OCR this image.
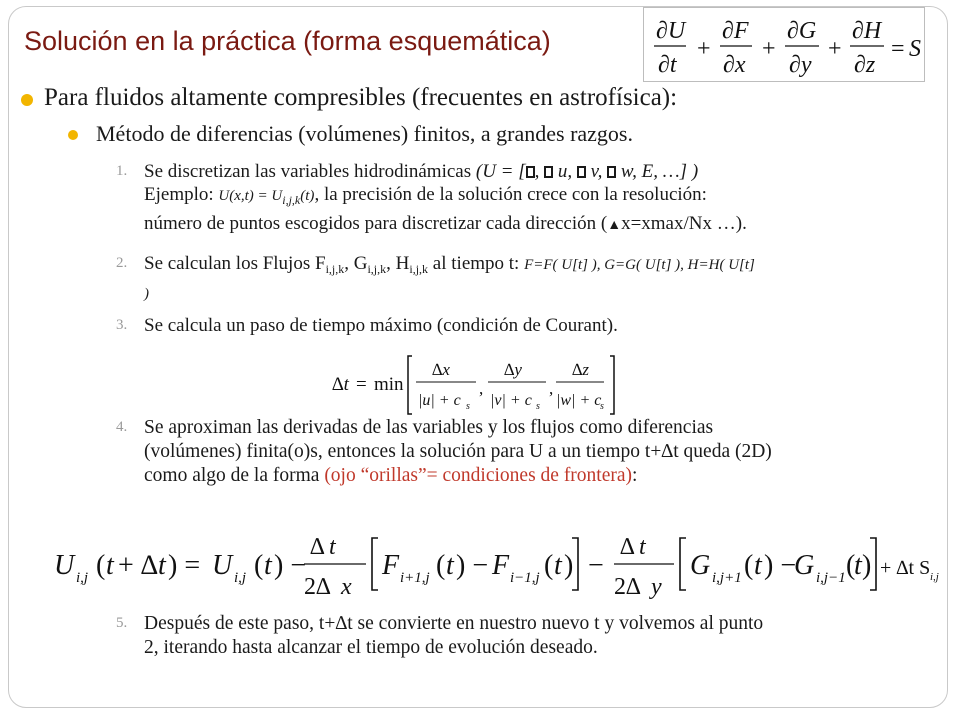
Solución en la práctica (forma esquemática)	∂U
∂t
+
∂F
∂x
+
∂G
∂y
+
∂H
∂z
= S
Para fluidos altamente compresibles (frecuentes en astrofísica):
Método de diferencias (volúmenes) finitos, a grandes razgos.
1. Se discretizan las variables hidrodinámicas (U = [ ,  u,  v,  w, E, …] )
Ejemplo: $U(x,t) = U_{i,j,k}(t)$, la precisión de la solución crece con la resolución:
número de puntos escogidos para discretizar cada dirección (▲x=xmax/Nx …).
2. Se calculan los Flujos $F_{i,j,k}$, $G_{i,j,k}$, $H_{i,j,k}$ al tiempo t: F=F( U[t] ), G=G( U[t] ), H=H( U[t]
)
3. Se calcula un paso de tiempo máximo (condición de Courant).
∆t = min
∆x
|u| + c s
,
∆y
|v| + c s
,
∆z
|w| + c
s
4. Se aproximan las derivadas de las variables y los flujos como diferencias
(volúmenes) finita(o)s, entonces la solución para U a un tiempo t+∆t queda (2D)
como algo de la forma (ojo “orillas”= condiciones de frontera):
U i,j ( t + ∆ t ) = U i,j ( t ) −
∆ t
2∆ x
F i+1,j ( t ) − F i−1,j ( t ) −
∆ t
2∆ y
G i,j+1 ( t ) −
G i,j−1 (
t ) + ∆t S i,j
5. Después de este paso, t+∆t se convierte en nuestro nuevo t y volvemos al punto
2, iterando hasta alcanzar el tiempo de evolución deseado.
